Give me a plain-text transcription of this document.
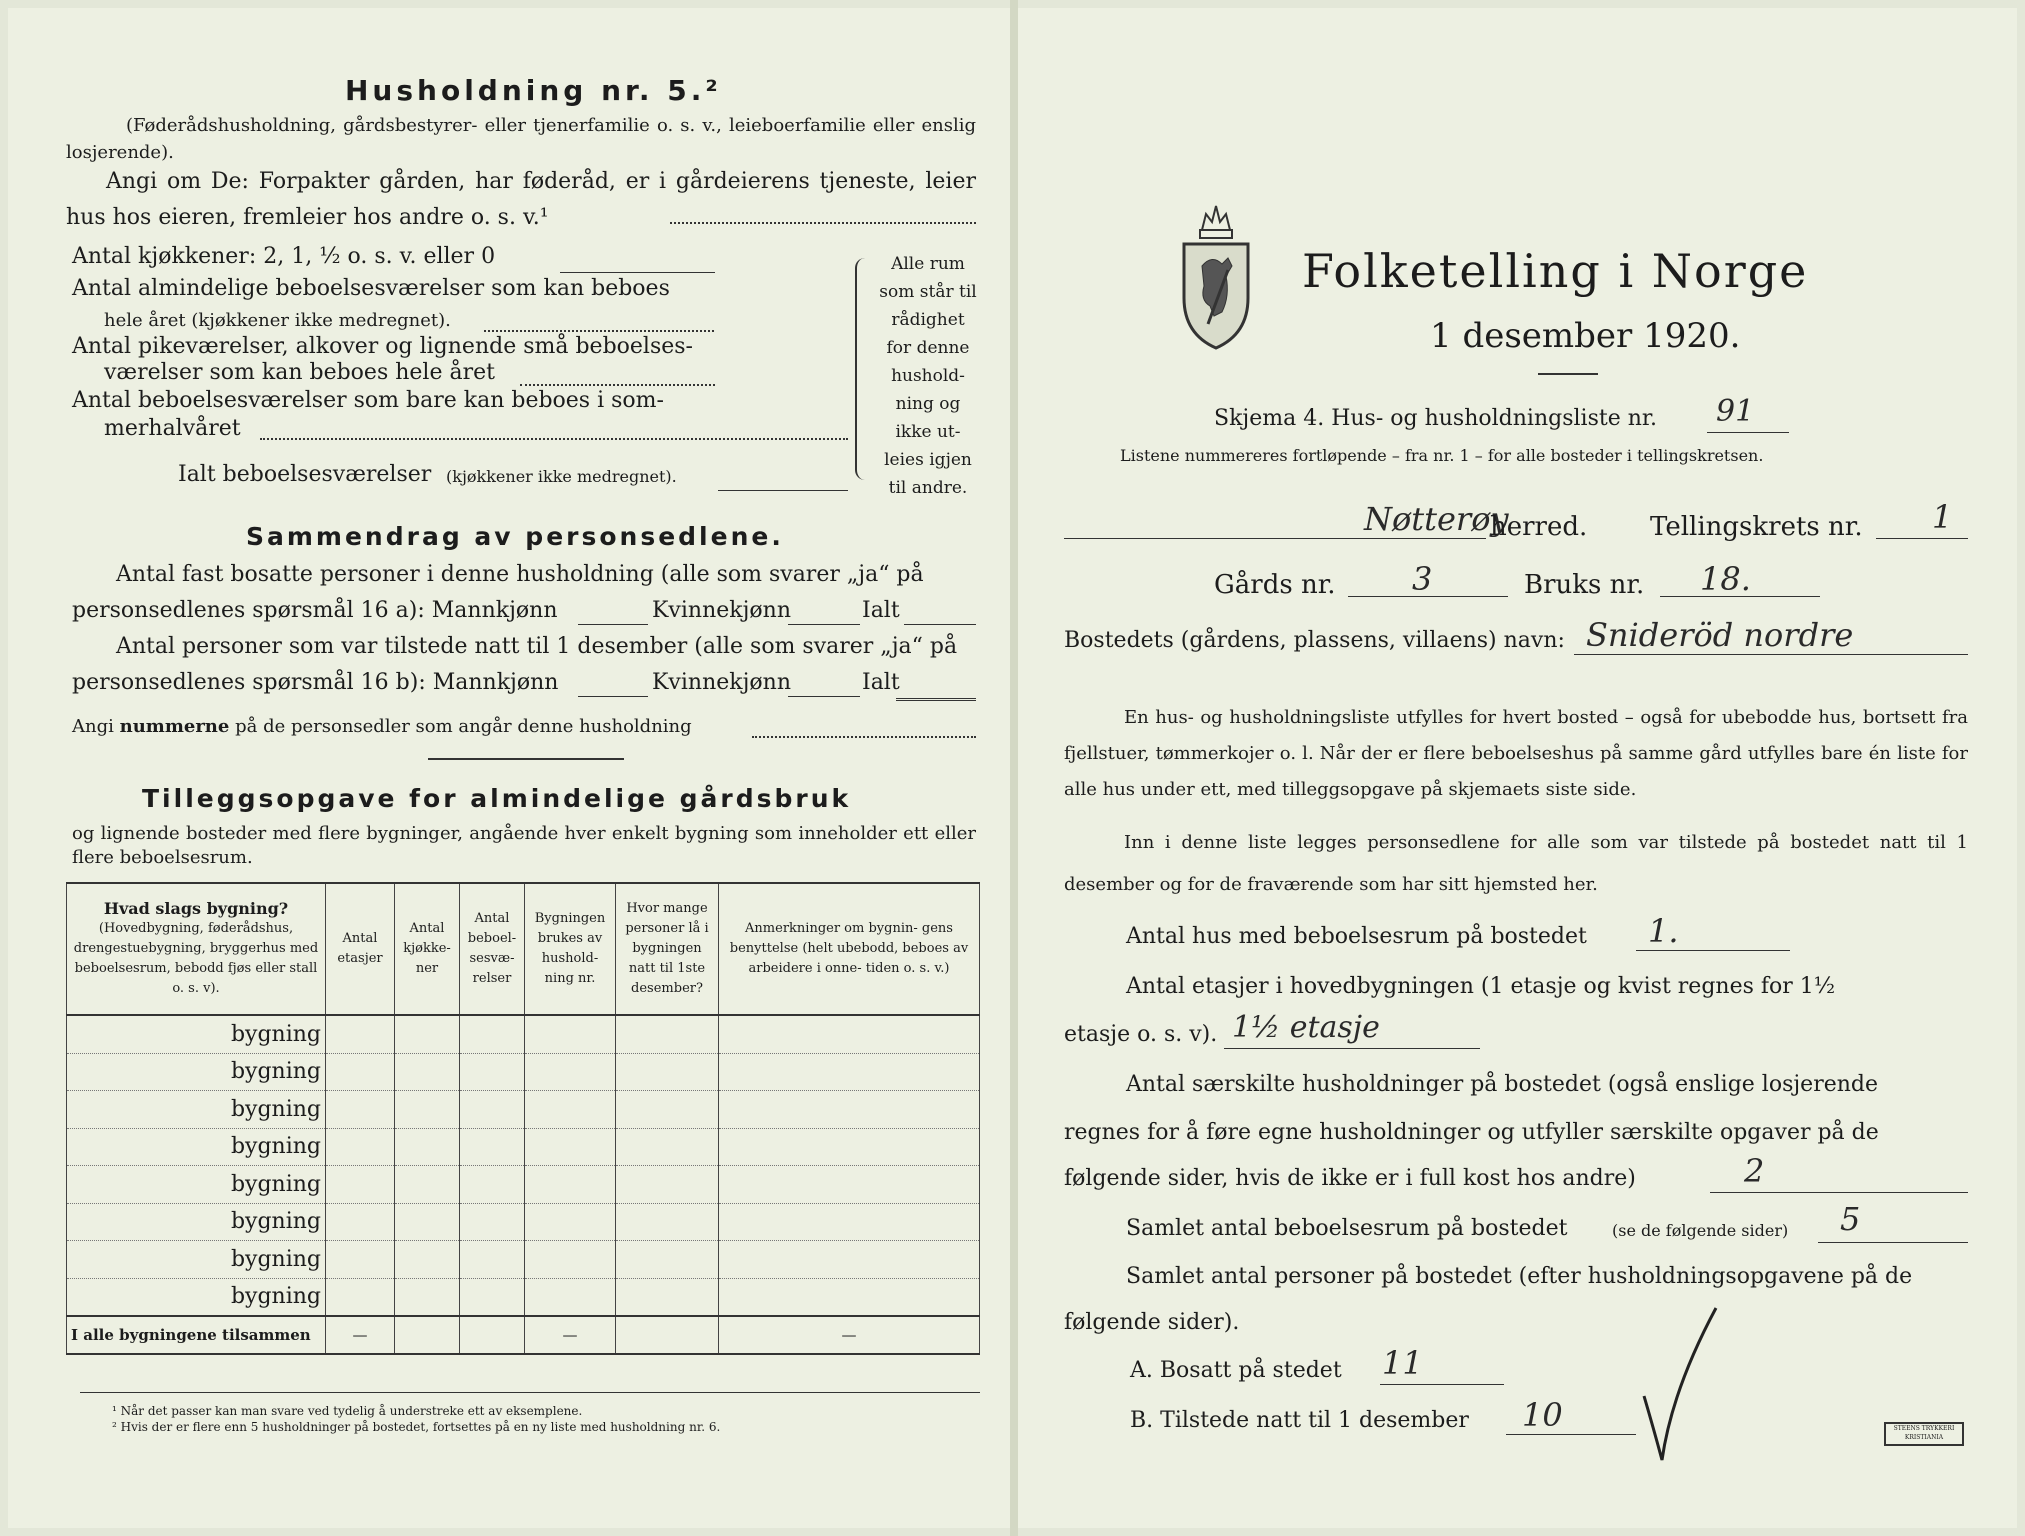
Husholdning nr. 5.²
(Føderådshusholdning, gårdsbestyrer- eller tjenerfamilie o. s. v., leieboerfamilie eller enslig losjerende).
Angi om De: Forpakter gården, har føderåd, er i gårdeierens tjeneste, leier hus hos eieren, fremleier hos andre o. s. v.¹
Antal kjøkkener: 2, 1, ½ o. s. v. eller 0
Antal almindelige beboelsesværelser som kan beboes
hele året (kjøkkener ikke medregnet).
Antal pikeværelser, alkover og lignende små beboelses-
værelser som kan beboes hele året
Antal beboelsesværelser som bare kan beboes i som-
merhalvåret
Ialt beboelsesværelser (kjøkkener ikke medregnet).
Alle rum
som står til
rådighet
for denne
hushold-
ning og
ikke ut-
leies igjen
til andre.
Sammendrag av personsedlene.
Antal fast bosatte personer i denne husholdning (alle som svarer „ja“ på
personsedlenes spørsmål 16 a): Mannkjønn	Kvinnekjønn	Ialt
Antal personer som var tilstede natt til 1 desember (alle som svarer „ja“ på
personsedlenes spørsmål 16 b): Mannkjønn	Kvinnekjønn	Ialt
Angi nummerne på de personsedler som angår denne husholdning
Tilleggsopgave for almindelige gårdsbruk
og lignende bosteder med flere bygninger, angående hver enkelt bygning som inneholder ett eller flere beboelsesrum.
Hvad slags bygning?
(Hovedbygning, føderådshus, drengestuebygning, bryggerhus med beboelsesrum, bebodd fjøs eller stall o. s. v).	Antal etasjer	Antal kjøkke- ner	Antal beboel- sesvæ- relser	Bygningen brukes av hushold- ning nr.	Hvor mange personer lå i bygningen natt til 1ste desember?	Anmerkninger om bygnin- gens benyttelse (helt ubebodd, beboes av arbeidere i onne- tiden o. s. v.)
bygning						
bygning						
bygning						
bygning						
bygning						
bygning						
bygning						
bygning						
I alle bygningene tilsammen	—			—		—
¹ Når det passer kan man svare ved tydelig å understreke ett av eksemplene.
² Hvis der er flere enn 5 husholdninger på bostedet, fortsettes på en ny liste med husholdning nr. 6.
Folketelling i Norge
1 desember 1920.
Skjema 4. Hus- og husholdningsliste nr. 91
Listene nummereres fortløpende – fra nr. 1 – for alle bosteder i tellingskretsen.
Nøtterøy
herred. Tellingskrets nr. 1
Gårds nr. 3	Bruks nr. 18.
Bostedets (gårdens, plassens, villaens) navn: Snideröd nordre
En hus- og husholdningsliste utfylles for hvert bosted – også for ubebodde hus, bortsett fra fjellstuer, tømmerkojer o. l. Når der er flere beboelseshus på samme gård utfylles bare én liste for alle hus under ett, med tilleggsopgave på skjemaets siste side.
Inn i denne liste legges personsedlene for alle som var tilstede på bostedet natt til 1 desember og for de fraværende som har sitt hjemsted her.
Antal hus med beboelsesrum på bostedet 1.
Antal etasjer i hovedbygningen (1 etasje og kvist regnes for 1½
etasje o. s. v). 1½ etasje
Antal særskilte husholdninger på bostedet (også enslige losjerende
regnes for å føre egne husholdninger og utfyller særskilte opgaver på de
følgende sider, hvis de ikke er i full kost hos andre)	2
Samlet antal beboelsesrum på bostedet	(se de følgende sider) 5
Samlet antal personer på bostedet (efter husholdningsopgavene på de
følgende sider).
A. Bosatt på stedet 11
B. Tilstede natt til 1 desember 10	STEENS TRYKKERI KRISTIANIA
